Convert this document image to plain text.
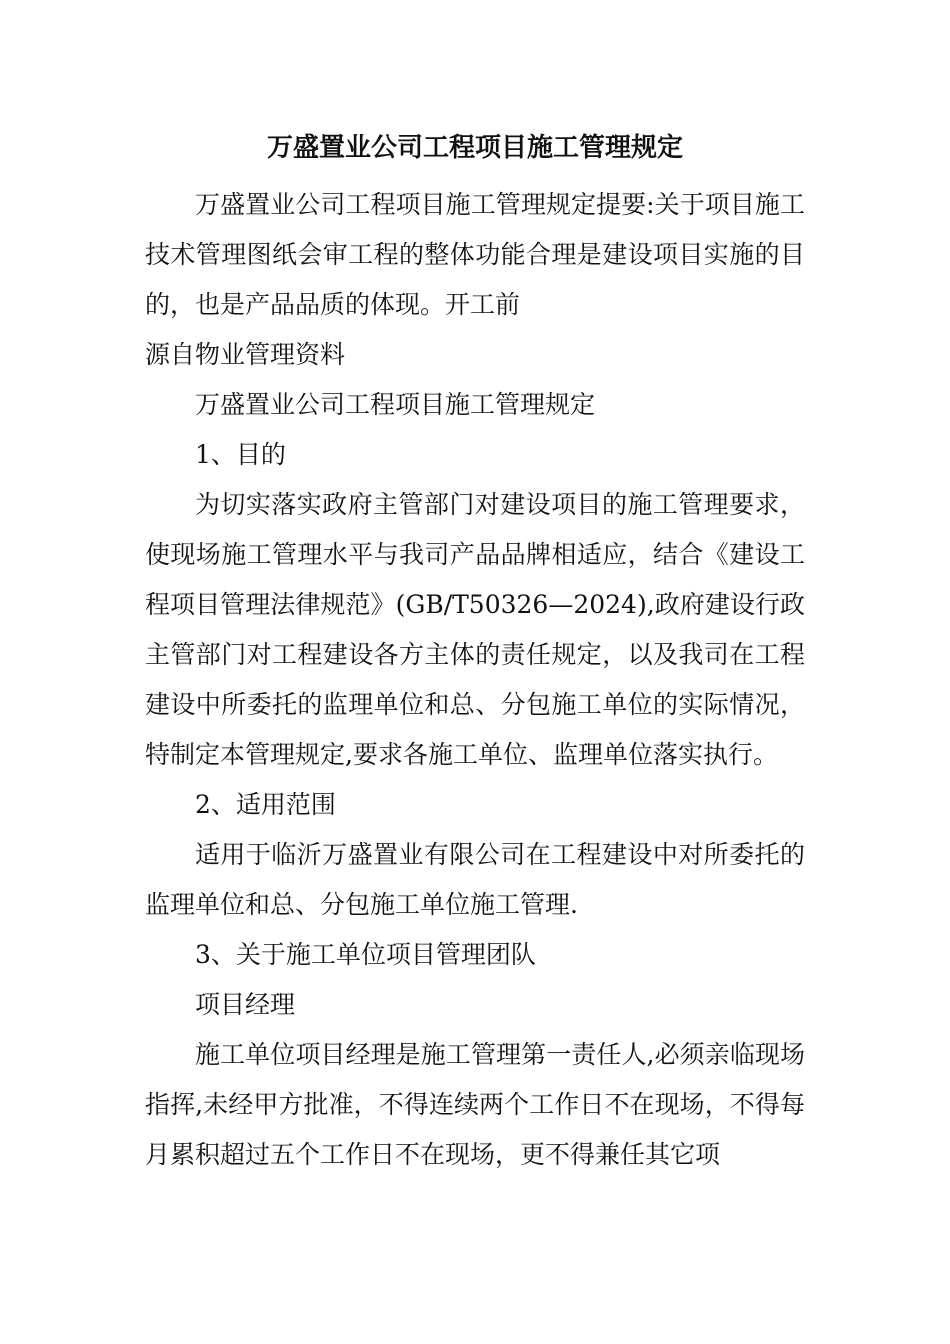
万盛置业公司工程项目施工管理规定

万盛置业公司工程项目施工管理规定提要:关于项目施工技术管理图纸会审工程的整体功能合理是建设项目实施的目的，也是产品品质的体现。开工前

源自物业管理资料

万盛置业公司工程项目施工管理规定

1、目的

为切实落实政府主管部门对建设项目的施工管理要求，使现场施工管理水平与我司产品品牌相适应，结合《建设工程项目管理法律规范》(GB/T50326—2024),政府建设行政主管部门对工程建设各方主体的责任规定，以及我司在工程建设中所委托的监理单位和总、分包施工单位的实际情况，特制定本管理规定,要求各施工单位、监理单位落实执行。

2、适用范围

适用于临沂万盛置业有限公司在工程建设中对所委托的监理单位和总、分包施工单位施工管理.

3、关于施工单位项目管理团队

项目经理

施工单位项目经理是施工管理第一责任人,必须亲临现场指挥,未经甲方批准，不得连续两个工作日不在现场，不得每月累积超过五个工作日不在现场，更不得兼任其它项
